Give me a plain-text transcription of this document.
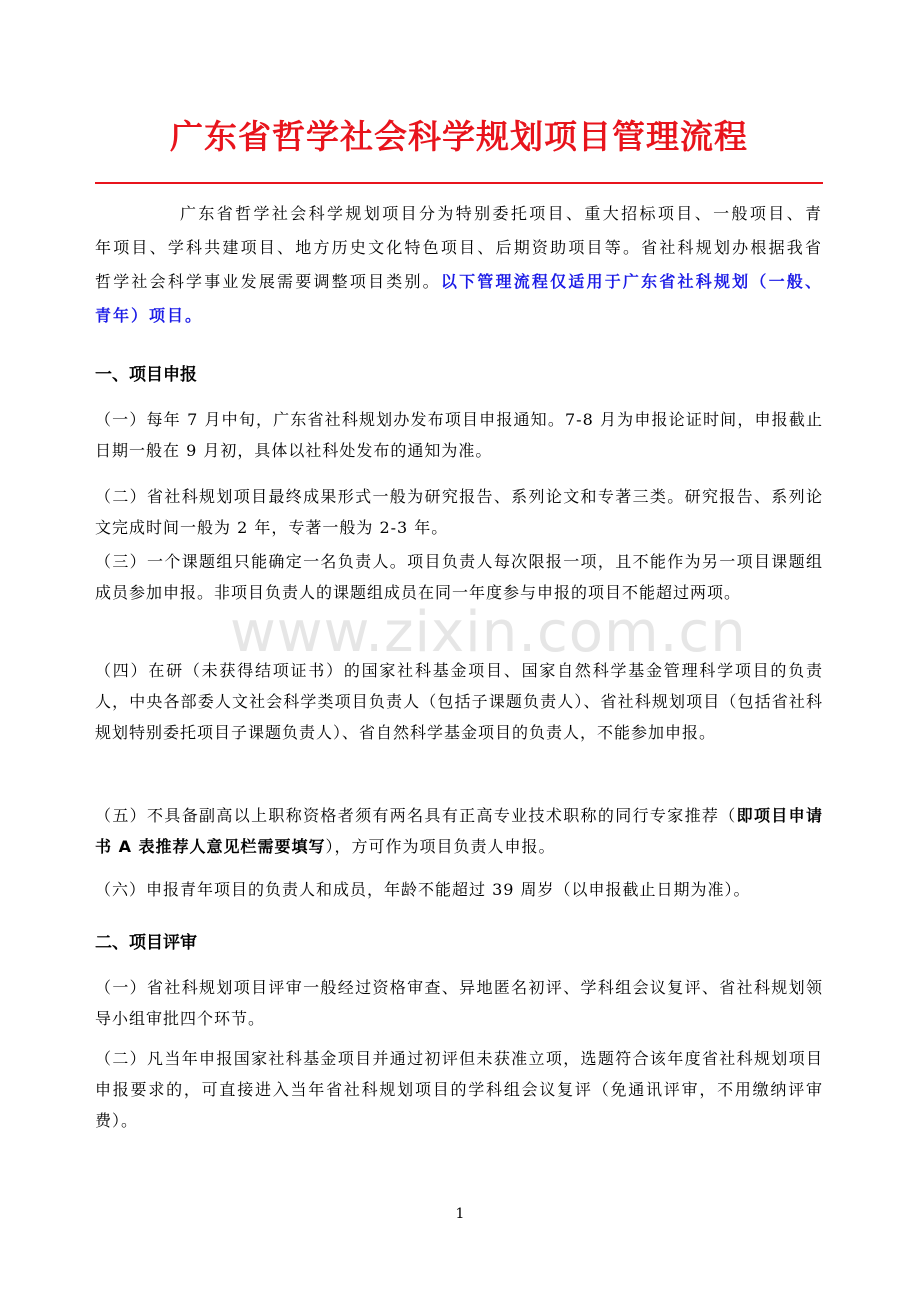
广东省哲学社会科学规划项目管理流程

广东省哲学社会科学规划项目分为特别委托项目、重大招标项目、一般项目、青年项目、学科共建项目、地方历史文化特色项目、后期资助项目等。省社科规划办根据我省哲学社会科学事业发展需要调整项目类别。以下管理流程仅适用于广东省社科规划（一般、青年）项目。

一、项目申报

（一）每年 7 月中旬，广东省社科规划办发布项目申报通知。7-8 月为申报论证时间，申报截止日期一般在 9 月初，具体以社科处发布的通知为准。

（二）省社科规划项目最终成果形式一般为研究报告、系列论文和专著三类。研究报告、系列论文完成时间一般为 2 年，专著一般为 2-3 年。

（三）一个课题组只能确定一名负责人。项目负责人每次限报一项，且不能作为另一项目课题组成员参加申报。非项目负责人的课题组成员在同一年度参与申报的项目不能超过两项。

www.zixin.com.cn

（四）在研（未获得结项证书）的国家社科基金项目、国家自然科学基金管理科学项目的负责人，中央各部委人文社会科学类项目负责人（包括子课题负责人）、省社科规划项目（包括省社科规划特别委托项目子课题负责人）、省自然科学基金项目的负责人，不能参加申报。

（五）不具备副高以上职称资格者须有两名具有正高专业技术职称的同行专家推荐（即项目申请书 A 表推荐人意见栏需要填写），方可作为项目负责人申报。

（六）申报青年项目的负责人和成员，年龄不能超过 39 周岁（以申报截止日期为准）。

二、项目评审

（一）省社科规划项目评审一般经过资格审查、异地匿名初评、学科组会议复评、省社科规划领导小组审批四个环节。

（二）凡当年申报国家社科基金项目并通过初评但未获准立项，选题符合该年度省社科规划项目申报要求的，可直接进入当年省社科规划项目的学科组会议复评（免通讯评审，不用缴纳评审费）。

1
